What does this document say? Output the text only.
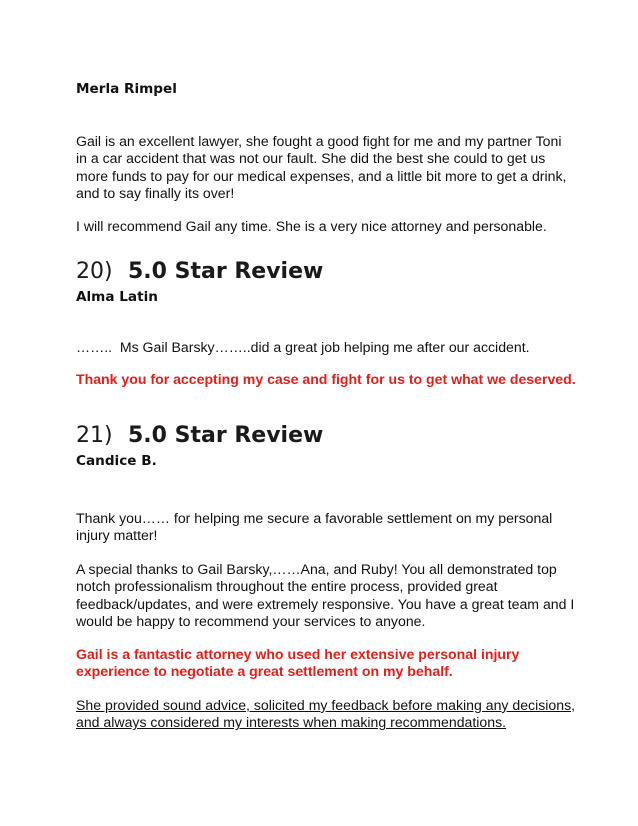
Merla Rimpel

Gail is an excellent lawyer, she fought a good fight for me and my partner Toni in a car accident that was not our fault. She did the best she could to get us more funds to pay for our medical expenses, and a little bit more to get a drink, and to say finally its over!

I will recommend Gail any time. She is a very nice attorney and personable.

20) 5.0 Star Review

Alma Latin

……..  Ms Gail Barsky……..did a great job helping me after our accident.

Thank you for accepting my case and fight for us to get what we deserved.

21) 5.0 Star Review

Candice B.

Thank you…… for helping me secure a favorable settlement on my personal injury matter!

A special thanks to Gail Barsky,……Ana, and Ruby! You all demonstrated top notch professionalism throughout the entire process, provided great feedback/updates, and were extremely responsive. You have a great team and I would be happy to recommend your services to anyone.

Gail is a fantastic attorney who used her extensive personal injury experience to negotiate a great settlement on my behalf.

She provided sound advice, solicited my feedback before making any decisions, and always considered my interests when making recommendations.
